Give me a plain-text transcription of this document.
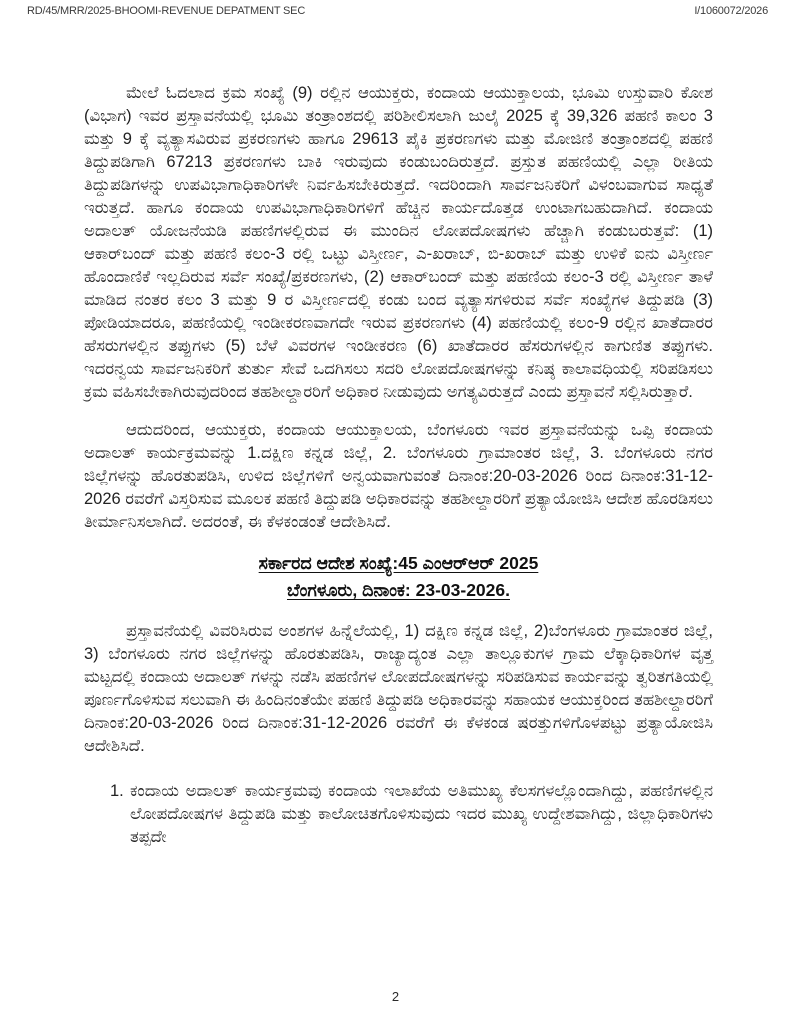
RD/45/MRR/2025-BHOOMI-REVENUE DEPATMENT SEC	I/1060072/2026

ಮೇಲೆ ಓದಲಾದ ಕ್ರಮ ಸಂಖ್ಯೆ (9) ರಲ್ಲಿನ ಆಯುಕ್ತರು, ಕಂದಾಯ ಆಯುಕ್ತಾಲಯ, ಭೂಮಿ ಉಸ್ತುವಾರಿ ಕೋಶ (ವಿಭಾಗ) ಇವರ ಪ್ರಸ್ತಾವನೆಯಲ್ಲಿ ಭೂಮಿ ತಂತ್ರಾಂಶದಲ್ಲಿ ಪರಿಶೀಲಿಸಲಾಗಿ ಜುಲೈ 2025 ಕ್ಕೆ 39,326 ಪಹಣಿ ಕಾಲಂ 3 ಮತ್ತು 9 ಕ್ಕೆ ವ್ಯತ್ಯಾಸವಿರುವ ಪ್ರಕರಣಗಳು ಹಾಗೂ 29613 ಪೈಕಿ ಪ್ರಕರಣಗಳು ಮತ್ತು ಮೋಜಿಣಿ ತಂತ್ರಾಂಶದಲ್ಲಿ ಪಹಣಿ ತಿದ್ದುಪಡಿಗಾಗಿ 67213 ಪ್ರಕರಣಗಳು ಬಾಕಿ ಇರುವುದು ಕಂಡುಬಂದಿರುತ್ತದೆ. ಪ್ರಸ್ತುತ ಪಹಣಿಯಲ್ಲಿ ಎಲ್ಲಾ ರೀತಿಯ ತಿದ್ದುಪಡಿಗಳನ್ನು ಉಪವಿಭಾಗಾಧಿಕಾರಿಗಳೇ ನಿರ್ವಹಿಸಬೇಕಿರುತ್ತದೆ. ಇದರಿಂದಾಗಿ ಸಾರ್ವಜನಿಕರಿಗೆ ವಿಳಂಬವಾಗುವ ಸಾಧ್ಯತೆ ಇರುತ್ತದೆ. ಹಾಗೂ ಕಂದಾಯ ಉಪವಿಭಾಗಾಧಿಕಾರಿಗಳಿಗೆ ಹೆಚ್ಚಿನ ಕಾರ್ಯದೊತ್ತಡ ಉಂಟಾಗಬಹುದಾಗಿದೆ. ಕಂದಾಯ ಅದಾಲತ್ ಯೋಜನೆಯಡಿ ಪಹಣಿಗಳಲ್ಲಿರುವ ಈ ಮುಂದಿನ ಲೋಪದೋಷಗಳು ಹೆಚ್ಚಾಗಿ ಕಂಡುಬರುತ್ತವೆ: (1) ಆಕಾರ್‌ಬಂದ್ ಮತ್ತು ಪಹಣಿ ಕಲಂ-3 ರಲ್ಲಿ ಒಟ್ಟು ವಿಸ್ತೀರ್ಣ, ಎ-ಖರಾಬ್, ಬಿ-ಖರಾಬ್ ಮತ್ತು ಉಳಿಕೆ ಐನು ವಿಸ್ತೀರ್ಣ ಹೊಂದಾಣಿಕೆ ಇಲ್ಲದಿರುವ ಸರ್ವೆ ಸಂಖ್ಯೆ/ಪ್ರಕರಣಗಳು, (2) ಆಕಾರ್‌ಬಂದ್ ಮತ್ತು ಪಹಣಿಯ ಕಲಂ-3 ರಲ್ಲಿ ವಿಸ್ತೀರ್ಣ ತಾಳೆ ಮಾಡಿದ ನಂತರ ಕಲಂ 3 ಮತ್ತು 9 ರ ವಿಸ್ತೀರ್ಣದಲ್ಲಿ ಕಂಡು ಬಂದ ವ್ಯತ್ಯಾಸಗಳಿರುವ ಸರ್ವೆ ಸಂಖ್ಯೆಗಳ ತಿದ್ದುಪಡಿ (3) ಪೋಡಿಯಾದರೂ, ಪಹಣಿಯಲ್ಲಿ ಇಂಡೀಕರಣವಾಗದೇ ಇರುವ ಪ್ರಕರಣಗಳು (4) ಪಹಣಿಯಲ್ಲಿ ಕಲಂ-9 ರಲ್ಲಿನ ಖಾತೆದಾರರ ಹೆಸರುಗಳಲ್ಲಿನ ತಪ್ಪುಗಳು (5) ಬೆಳೆ ವಿವರಗಳ ಇಂಡೀಕರಣ (6) ಖಾತೆದಾರರ ಹೆಸರುಗಳಲ್ಲಿನ ಕಾಗುಣಿತ ತಪ್ಪುಗಳು. ಇದರನ್ವಯ ಸಾರ್ವಜನಿಕರಿಗೆ ತುರ್ತು ಸೇವೆ ಒದಗಿಸಲು ಸದರಿ ಲೋಪದೋಷಗಳನ್ನು ಕನಿಷ್ಠ ಕಾಲಾವಧಿಯಲ್ಲಿ ಸರಿಪಡಿಸಲು ಕ್ರಮ ವಹಿಸಬೇಕಾಗಿರುವುದರಿಂದ ತಹಶೀಲ್ದಾರರಿಗೆ ಅಧಿಕಾರ ನೀಡುವುದು ಅಗತ್ಯವಿರುತ್ತದೆ ಎಂದು ಪ್ರಸ್ತಾವನೆ ಸಲ್ಲಿಸಿರುತ್ತಾರೆ.

ಆದುದರಿಂದ, ಆಯುಕ್ತರು, ಕಂದಾಯ ಆಯುಕ್ತಾಲಯ, ಬೆಂಗಳೂರು ಇವರ ಪ್ರಸ್ತಾವನೆಯನ್ನು ಒಪ್ಪಿ ಕಂದಾಯ ಅದಾಲತ್ ಕಾರ್ಯಕ್ರಮವನ್ನು 1.ದಕ್ಷಿಣ ಕನ್ನಡ ಜಿಲ್ಲೆ, 2. ಬೆಂಗಳೂರು ಗ್ರಾಮಾಂತರ ಜಿಲ್ಲೆ, 3. ಬೆಂಗಳೂರು ನಗರ ಜಿಲ್ಲೆಗಳನ್ನು ಹೊರತುಪಡಿಸಿ, ಉಳಿದ ಜಿಲ್ಲೆಗಳಿಗೆ ಅನ್ವಯವಾಗುವಂತೆ ದಿನಾಂಕ:20-03-2026 ರಿಂದ ದಿನಾಂಕ:31-12-2026 ರವರೆಗೆ ವಿಸ್ತರಿಸುವ ಮೂಲಕ ಪಹಣಿ ತಿದ್ದುಪಡಿ ಅಧಿಕಾರವನ್ನು ತಹಶೀಲ್ದಾರರಿಗೆ ಪ್ರತ್ಯಾಯೋಜಿಸಿ ಆದೇಶ ಹೊರಡಿಸಲು ತೀರ್ಮಾನಿಸಲಾಗಿದೆ. ಅದರಂತೆ, ಈ ಕೆಳಕಂಡಂತೆ ಆದೇಶಿಸಿದೆ.

ಸರ್ಕಾರದ ಆದೇಶ ಸಂಖ್ಯೆ:45 ಎಂಆರ್‌ಆರ್ 2025
ಬೆಂಗಳೂರು, ದಿನಾಂಕ: 23-03-2026.

ಪ್ರಸ್ತಾವನೆಯಲ್ಲಿ ವಿವರಿಸಿರುವ ಅಂಶಗಳ ಹಿನ್ನೆಲೆಯಲ್ಲಿ, 1) ದಕ್ಷಿಣ ಕನ್ನಡ ಜಿಲ್ಲೆ, 2)ಬೆಂಗಳೂರು ಗ್ರಾಮಾಂತರ ಜಿಲ್ಲೆ, 3) ಬೆಂಗಳೂರು ನಗರ ಜಿಲ್ಲೆಗಳನ್ನು ಹೊರತುಪಡಿಸಿ, ರಾಜ್ಯಾದ್ಯಂತ ಎಲ್ಲಾ ತಾಲ್ಲೂಕುಗಳ ಗ್ರಾಮ ಲೆಕ್ಕಾಧಿಕಾರಿಗಳ ವೃತ್ತ ಮಟ್ಟದಲ್ಲಿ ಕಂದಾಯ ಅದಾಲತ್ ಗಳನ್ನು ನಡೆಸಿ ಪಹಣಿಗಳ ಲೋಪದೋಷಗಳನ್ನು ಸರಿಪಡಿಸುವ ಕಾರ್ಯವನ್ನು ತ್ವರಿತಗತಿಯಲ್ಲಿ ಪೂರ್ಣಗೊಳಿಸುವ ಸಲುವಾಗಿ ಈ ಹಿಂದಿನಂತೆಯೇ ಪಹಣಿ ತಿದ್ದುಪಡಿ ಅಧಿಕಾರವನ್ನು ಸಹಾಯಕ ಆಯುಕ್ತರಿಂದ ತಹಶೀಲ್ದಾರರಿಗೆ ದಿನಾಂಕ:20-03-2026 ರಿಂದ ದಿನಾಂಕ:31-12-2026 ರವರೆಗೆ ಈ ಕೆಳಕಂಡ ಷರತ್ತುಗಳಿಗೊಳಪಟ್ಟು ಪ್ರತ್ಯಾಯೋಜಿಸಿ ಆದೇಶಿಸಿದೆ.

1. ಕಂದಾಯ ಅದಾಲತ್ ಕಾರ್ಯಕ್ರಮವು ಕಂದಾಯ ಇಲಾಖೆಯ ಅತಿಮುಖ್ಯ ಕೆಲಸಗಳಲ್ಲೊಂದಾಗಿದ್ದು, ಪಹಣಿಗಳಲ್ಲಿನ ಲೋಪದೋಷಗಳ ತಿದ್ದುಪಡಿ ಮತ್ತು ಕಾಲೋಚಿತಗೊಳಿಸುವುದು ಇದರ ಮುಖ್ಯ ಉದ್ದೇಶವಾಗಿದ್ದು, ಜಿಲ್ಲಾಧಿಕಾರಿಗಳು ತಪ್ಪದೇ
2
